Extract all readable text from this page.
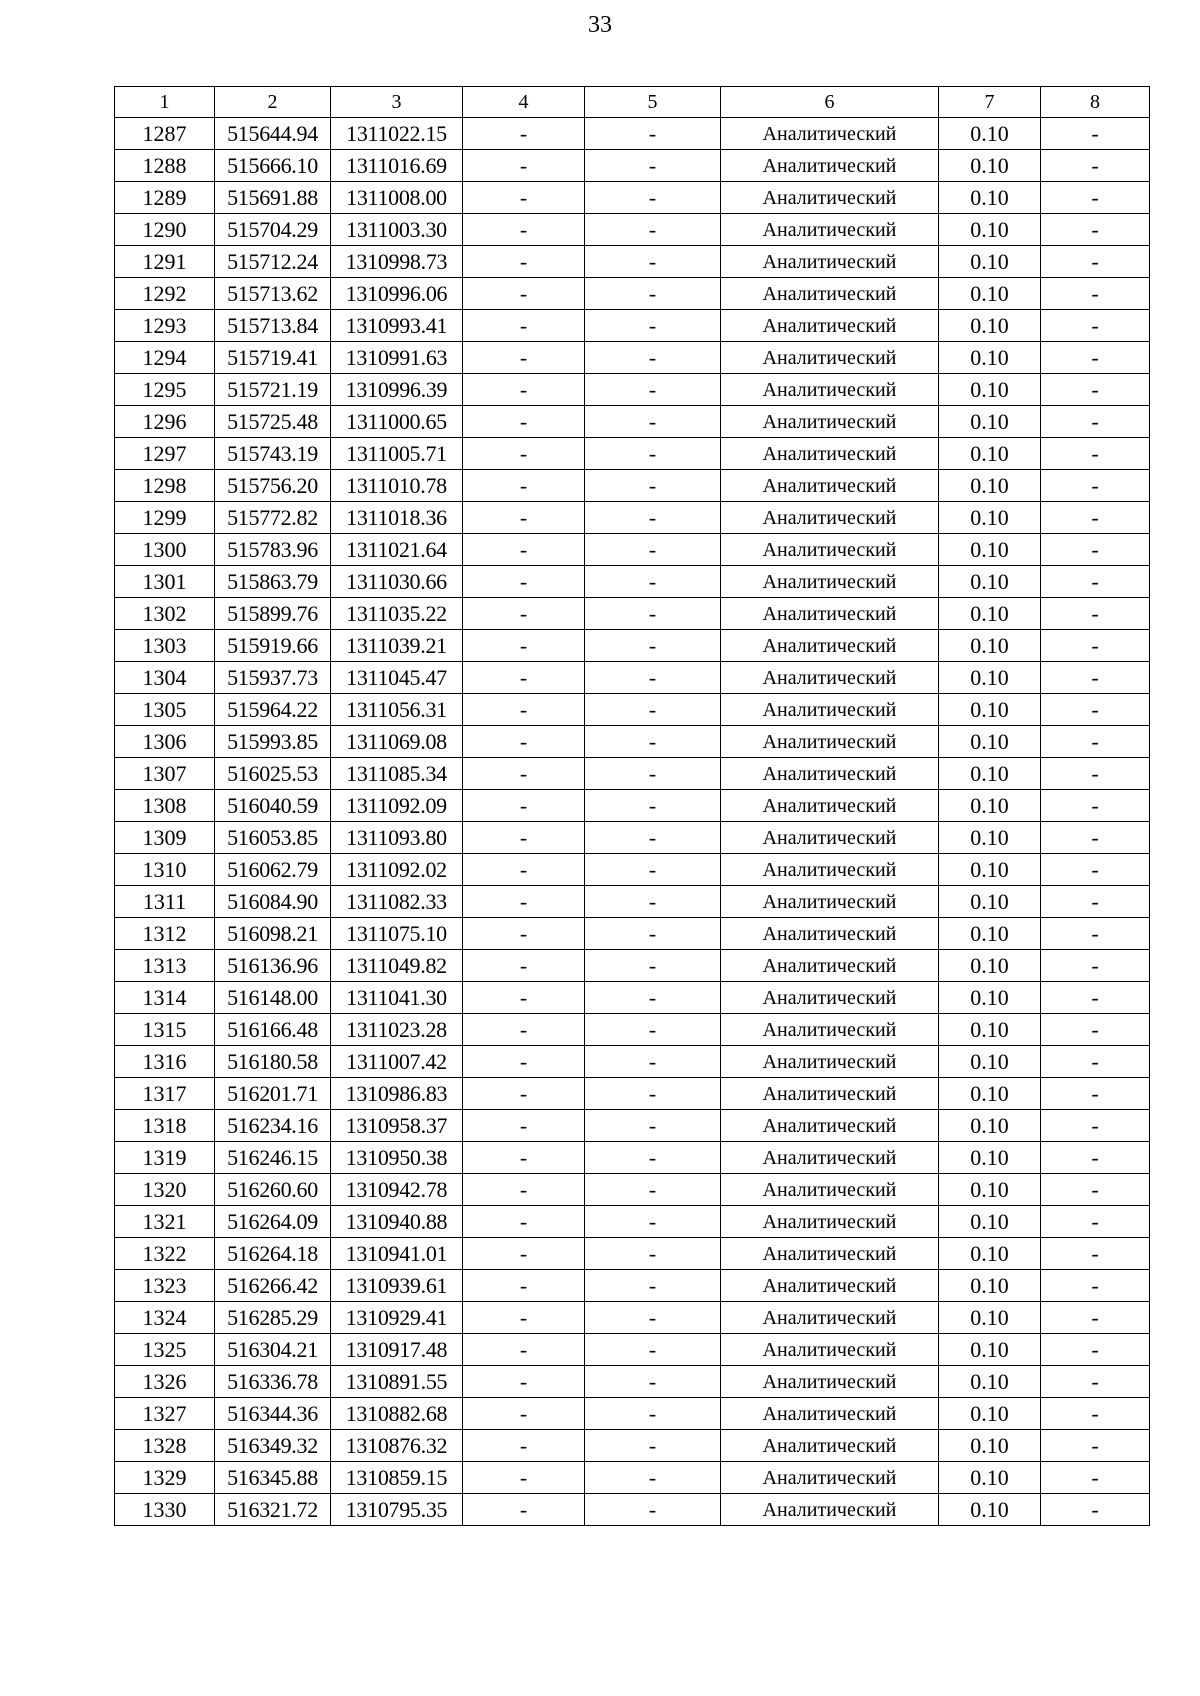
33
1	2	3	4	5	6	7	8
1287	515644.94	1311022.15	-	-	Аналитический	0.10	-
1288	515666.10	1311016.69	-	-	Аналитический	0.10	-
1289	515691.88	1311008.00	-	-	Аналитический	0.10	-
1290	515704.29	1311003.30	-	-	Аналитический	0.10	-
1291	515712.24	1310998.73	-	-	Аналитический	0.10	-
1292	515713.62	1310996.06	-	-	Аналитический	0.10	-
1293	515713.84	1310993.41	-	-	Аналитический	0.10	-
1294	515719.41	1310991.63	-	-	Аналитический	0.10	-
1295	515721.19	1310996.39	-	-	Аналитический	0.10	-
1296	515725.48	1311000.65	-	-	Аналитический	0.10	-
1297	515743.19	1311005.71	-	-	Аналитический	0.10	-
1298	515756.20	1311010.78	-	-	Аналитический	0.10	-
1299	515772.82	1311018.36	-	-	Аналитический	0.10	-
1300	515783.96	1311021.64	-	-	Аналитический	0.10	-
1301	515863.79	1311030.66	-	-	Аналитический	0.10	-
1302	515899.76	1311035.22	-	-	Аналитический	0.10	-
1303	515919.66	1311039.21	-	-	Аналитический	0.10	-
1304	515937.73	1311045.47	-	-	Аналитический	0.10	-
1305	515964.22	1311056.31	-	-	Аналитический	0.10	-
1306	515993.85	1311069.08	-	-	Аналитический	0.10	-
1307	516025.53	1311085.34	-	-	Аналитический	0.10	-
1308	516040.59	1311092.09	-	-	Аналитический	0.10	-
1309	516053.85	1311093.80	-	-	Аналитический	0.10	-
1310	516062.79	1311092.02	-	-	Аналитический	0.10	-
1311	516084.90	1311082.33	-	-	Аналитический	0.10	-
1312	516098.21	1311075.10	-	-	Аналитический	0.10	-
1313	516136.96	1311049.82	-	-	Аналитический	0.10	-
1314	516148.00	1311041.30	-	-	Аналитический	0.10	-
1315	516166.48	1311023.28	-	-	Аналитический	0.10	-
1316	516180.58	1311007.42	-	-	Аналитический	0.10	-
1317	516201.71	1310986.83	-	-	Аналитический	0.10	-
1318	516234.16	1310958.37	-	-	Аналитический	0.10	-
1319	516246.15	1310950.38	-	-	Аналитический	0.10	-
1320	516260.60	1310942.78	-	-	Аналитический	0.10	-
1321	516264.09	1310940.88	-	-	Аналитический	0.10	-
1322	516264.18	1310941.01	-	-	Аналитический	0.10	-
1323	516266.42	1310939.61	-	-	Аналитический	0.10	-
1324	516285.29	1310929.41	-	-	Аналитический	0.10	-
1325	516304.21	1310917.48	-	-	Аналитический	0.10	-
1326	516336.78	1310891.55	-	-	Аналитический	0.10	-
1327	516344.36	1310882.68	-	-	Аналитический	0.10	-
1328	516349.32	1310876.32	-	-	Аналитический	0.10	-
1329	516345.88	1310859.15	-	-	Аналитический	0.10	-
1330	516321.72	1310795.35	-	-	Аналитический	0.10	-
